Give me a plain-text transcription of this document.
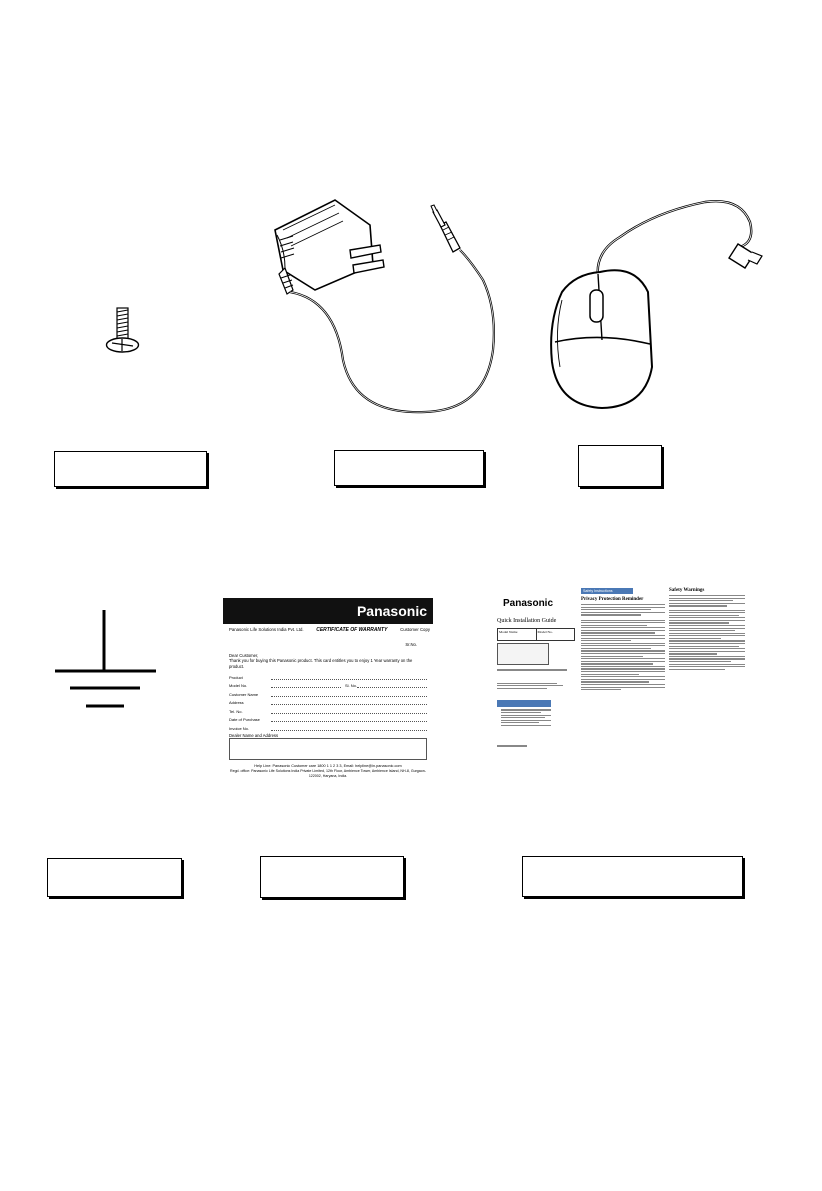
Panasonic
Panasonic Life Solutions India Pvt. Ltd.	CERTIFICATE OF WARRANTY	Customer Copy
Sr.No.
Dear Customer,
Thank you for buying this Panasonic product. This card entitles you to enjoy 1 Year warranty on the product.
Product
Model No.	Sl. No.
Customer Name
Address
Tel. No.
Date of Purchase
Invoice No.
Dealer Name and Address
Help Line: Panasonic Customer care 1800 1 1 2 3 3, Email: helpline@in.panasonic.com
Regd. office: Panasonic Life Solutions India Private Limited, 12th Floor, Ambience Tower, Ambience Island, NH-8, Gurgaon-122002, Haryana, India.
Panasonic
Quick Installation Guide
Model Name	Model No.
Safety Instructions
Privacy Protection Reminder
Safety Warnings
